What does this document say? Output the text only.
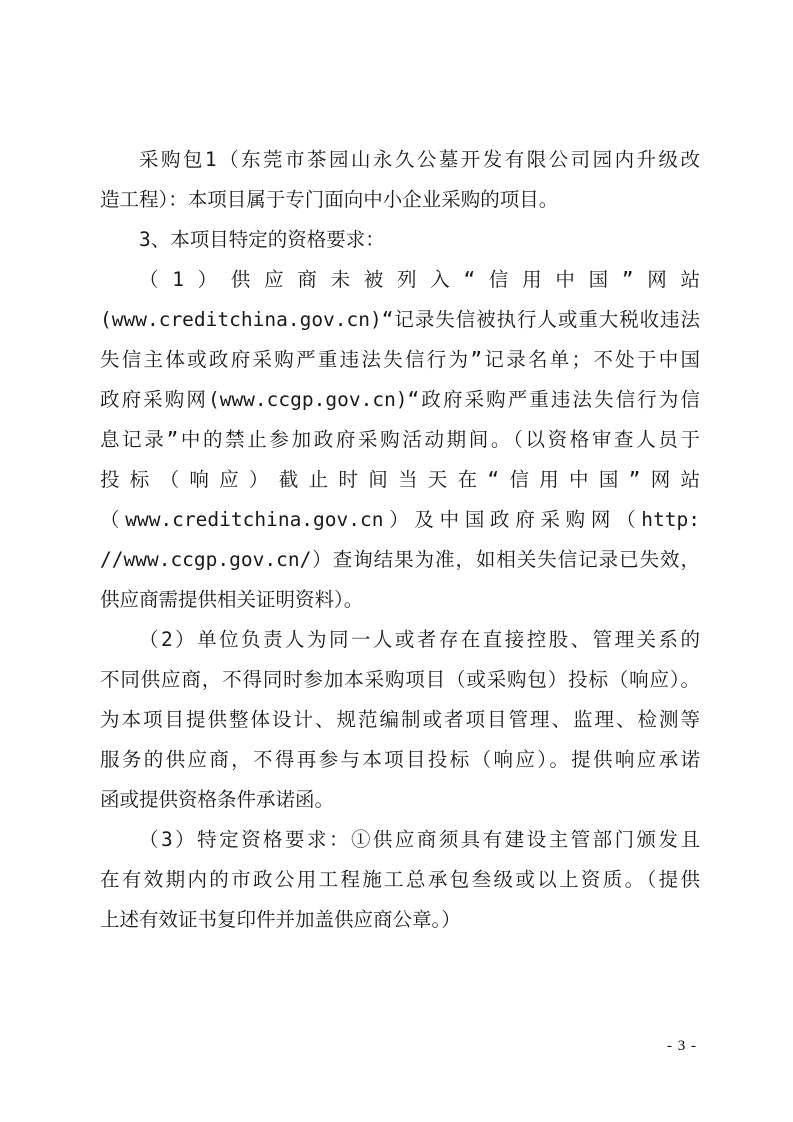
采购包1（东莞市茶园山永久公墓开发有限公司园内升级改
造工程）：本项目属于专门面向中小企业采购的项目。
3、本项目特定的资格要求：
（1）供应商未被列入“信用中国”网站
(www.creditchina.gov.cn)“记录失信被执行人或重大税收违法
失信主体或政府采购严重违法失信行为”记录名单；不处于中国
政府采购网(www.ccgp.gov.cn)“政府采购严重违法失信行为信
息记录”中的禁止参加政府采购活动期间。（以资格审查人员于
投标（响应）截止时间当天在“信用中国”网站
（www.creditchina.gov.cn）及中国政府采购网（http:
//www.ccgp.gov.cn/）查询结果为准，如相关失信记录已失效，
供应商需提供相关证明资料）。
（2）单位负责人为同一人或者存在直接控股、管理关系的
不同供应商，不得同时参加本采购项目（或采购包）投标（响应）。
为本项目提供整体设计、规范编制或者项目管理、监理、检测等
服务的供应商，不得再参与本项目投标（响应）。提供响应承诺
函或提供资格条件承诺函。
（3）特定资格要求：①供应商须具有建设主管部门颁发且
在有效期内的市政公用工程施工总承包叁级或以上资质。（提供
上述有效证书复印件并加盖供应商公章。）
- 3 -
